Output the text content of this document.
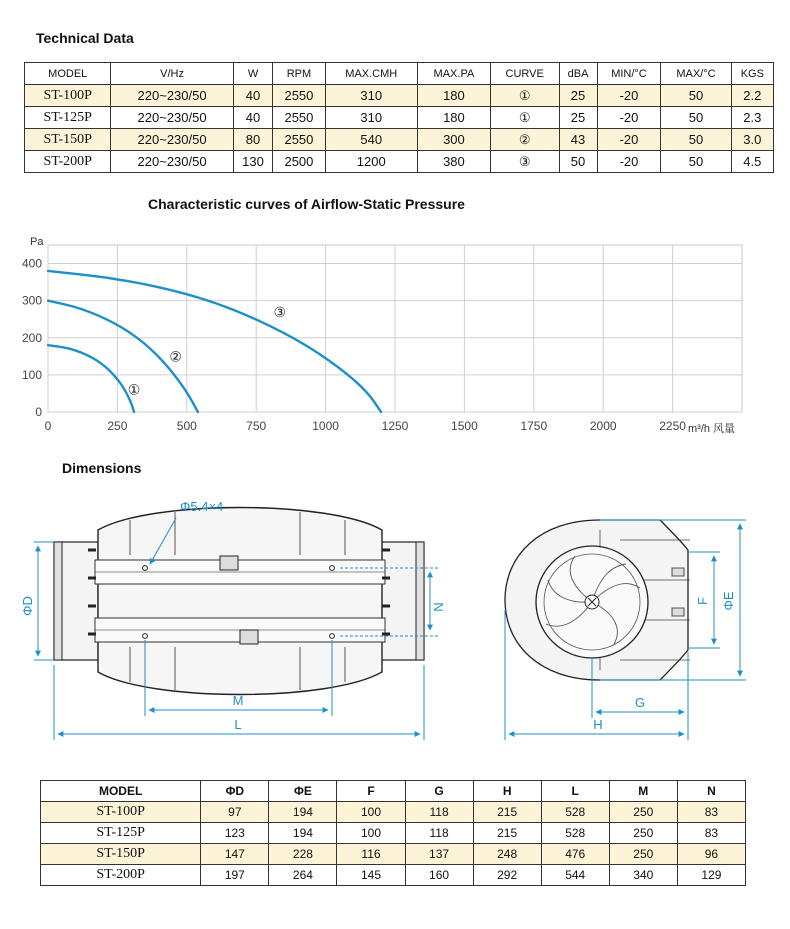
Technical Data
MODEL	V/Hz	W	RPM	MAX.CMH	MAX.PA	CURVE	dBA	MIN/°C	MAX/°C	KGS
ST-100P	220~230/50	40	2550	310	180	①	25	-20	50	2.2
ST-125P	220~230/50	40	2550	310	180	①	25	-20	50	2.3
ST-150P	220~230/50	80	2550	540	300	②	43	-20	50	3.0
ST-200P	220~230/50	130	2500	1200	380	③	50	-20	50	4.5
Characteristic curves of Airflow-Static Pressure
0	250	500	750	1000	1250	1500	1750	2000	2250
0
100
200
300
400
Pa
m³/h 风量
①
②
③
Dimensions
Φ5.4×4
ΦD	N
M
L
F ΦE
G
H
MODEL	ΦD	ΦE	F	G	H	L	M	N
ST-100P	97	194	100	118	215	528	250	83
ST-125P	123	194	100	118	215	528	250	83
ST-150P	147	228	116	137	248	476	250	96
ST-200P	197	264	145	160	292	544	340	129
